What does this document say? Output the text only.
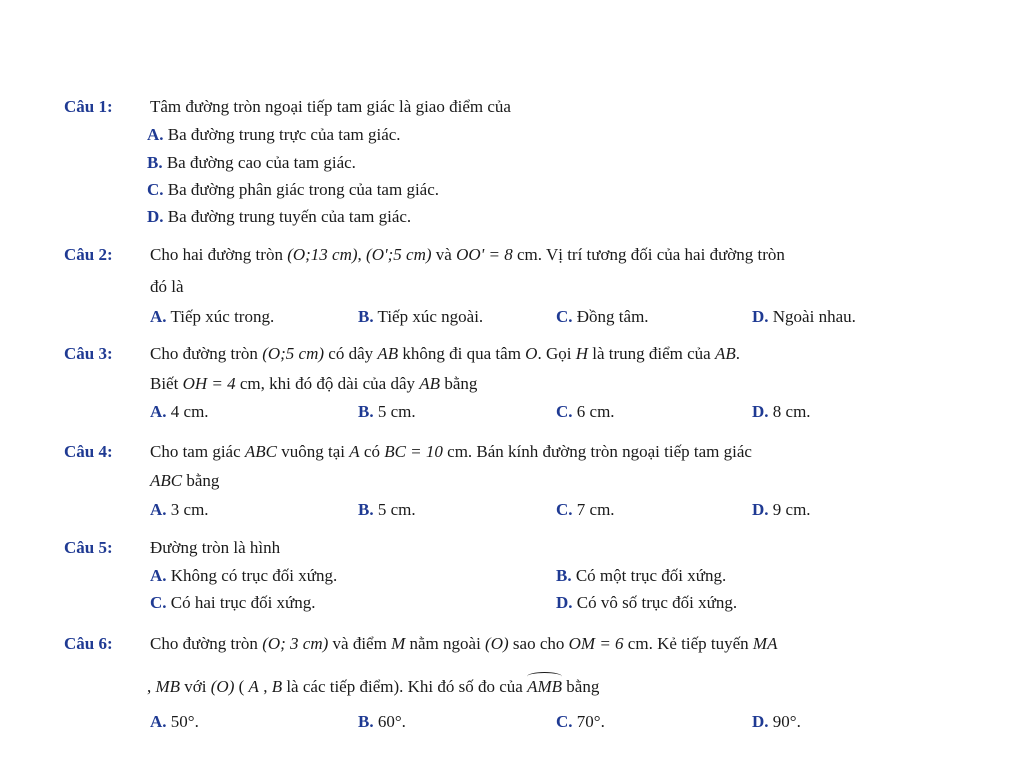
Câu 1: Tâm đường tròn ngoại tiếp tam giác là giao điểm của
A. Ba đường trung trực của tam giác.
B. Ba đường cao của tam giác.
C. Ba đường phân giác trong của tam giác.
D. Ba đường trung tuyến của tam giác.
Câu 2: Cho hai đường tròn (O;13 cm), (O';5 cm) và OO' = 8 cm. Vị trí tương đối của hai đường tròn
đó là
A. Tiếp xúc trong.	B. Tiếp xúc ngoài.	C. Đồng tâm.	D. Ngoài nhau.
Câu 3: Cho đường tròn (O;5 cm) có dây AB không đi qua tâm O. Gọi H là trung điểm của AB.
Biết OH = 4 cm, khi đó độ dài của dây AB bằng
A. 4 cm.	B. 5 cm.	C. 6 cm.	D. 8 cm.
Câu 4: Cho tam giác ABC vuông tại A có BC = 10 cm. Bán kính đường tròn ngoại tiếp tam giác
ABC bằng
A. 3 cm.	B. 5 cm.	C. 7 cm.	D. 9 cm.
Câu 5: Đường tròn là hình
A. Không có trục đối xứng.	B. Có một trục đối xứng.
C. Có hai trục đối xứng.	D. Có vô số trục đối xứng.
Câu 6: Cho đường tròn (O; 3 cm) và điểm M nằm ngoài (O) sao cho OM = 6 cm. Kẻ tiếp tuyến MA
, MB với (O) ( A , B là các tiếp điểm). Khi đó số đo của AMB bằng
A. 50°.	B. 60°.	C. 70°.	D. 90°.
